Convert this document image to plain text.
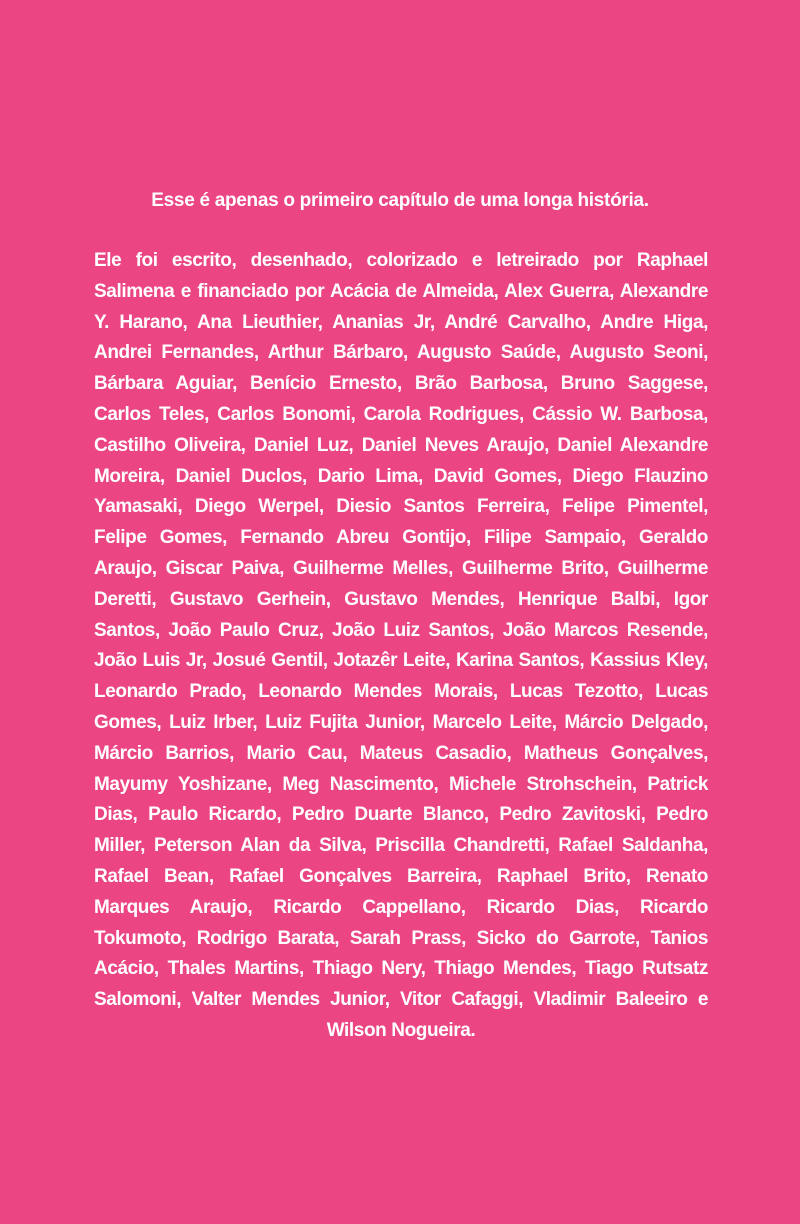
Esse é apenas o primeiro capítulo de uma longa história.

Ele foi escrito, desenhado, colorizado e letreirado por Raphael Salimena e financiado por Acácia de Almeida, Alex Guerra, Alexandre Y. Harano, Ana Lieuthier, Ananias Jr, André Carvalho, Andre Higa, Andrei Fernandes, Arthur Bárbaro, Augusto Saúde, Augusto Seoni, Bárbara Aguiar, Benício Ernesto, Brão Barbosa, Bruno Saggese, Carlos Teles, Carlos Bonomi, Carola Rodrigues, Cássio W. Barbosa, Castilho Oliveira, Daniel Luz, Daniel Neves Araujo, Daniel Alexandre Moreira, Daniel Duclos, Dario Lima, David Gomes, Diego Flauzino Yamasaki, Diego Werpel, Diesio Santos Ferreira, Felipe Pimentel, Felipe Gomes, Fernando Abreu Gontijo, Filipe Sampaio, Geraldo Araujo, Giscar Paiva, Guilherme Melles, Guilherme Brito, Guilherme Deretti, Gustavo Gerhein, Gustavo Mendes, Henrique Balbi, Igor Santos, João Paulo Cruz, João Luiz Santos, João Marcos Resende, João Luis Jr, Josué Gentil, Jotazêr Leite, Karina Santos, Kassius Kley, Leonardo Prado, Leonardo Mendes Morais, Lucas Tezotto, Lucas Gomes, Luiz Irber, Luiz Fujita Junior, Marcelo Leite, Márcio Delgado, Márcio Barrios, Mario Cau, Mateus Casadio, Matheus Gonçalves, Mayumy Yoshizane, Meg Nascimento, Michele Strohschein, Patrick Dias, Paulo Ricardo, Pedro Duarte Blanco, Pedro Zavitoski, Pedro Miller, Peterson Alan da Silva, Priscilla Chandretti, Rafael Saldanha, Rafael Bean, Rafael Gonçalves Barreira, Raphael Brito, Renato Marques Araujo, Ricardo Cappellano, Ricardo Dias, Ricardo Tokumoto, Rodrigo Barata, Sarah Prass, Sicko do Garrote, Tanios Acácio, Thales Martins, Thiago Nery, Thiago Mendes, Tiago Rutsatz Salomoni, Valter Mendes Junior, Vitor Cafaggi, Vladimir Baleeiro e Wilson Nogueira.
